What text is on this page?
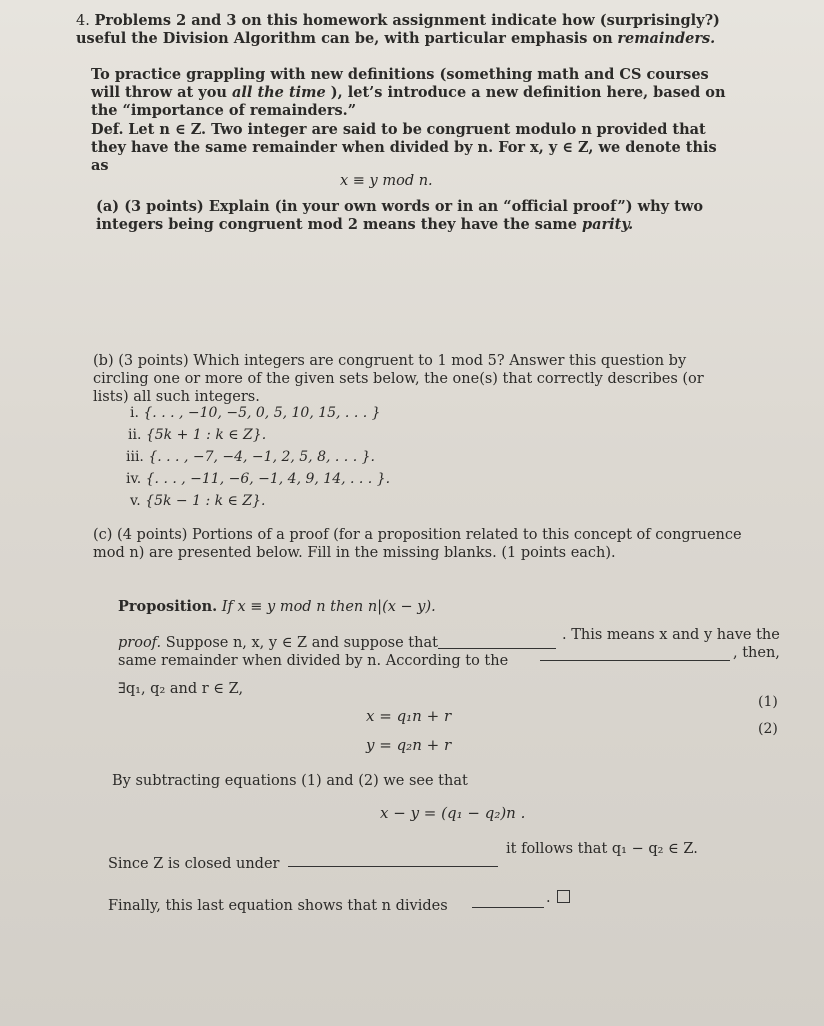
4. Problems 2 and 3 on this homework assignment indicate how (surprisingly?) useful the Division Algorithm can be, with particular emphasis on remainders.
To practice grappling with new definitions (something math and CS courses will throw at you all the time ), let’s introduce a new definition here, based on the “importance of remainders.”
Def. Let n ∈ Z. Two integer are said to be congruent modulo n provided that they have the same remainder when divided by n. For x, y ∈ Z, we denote this as
x ≡ y mod n.
(a) (3 points) Explain (in your own words or in an “official proof”) why two integers being congruent mod 2 means they have the same parity.
(b) (3 points) Which integers are congruent to 1 mod 5? Answer this question by circling one or more of the given sets below, the one(s) that correctly describes (or lists) all such integers.
i. {. . . , −10, −5, 0, 5, 10, 15, . . . }
ii. {5k + 1 : k ∈ Z}.
iii. {. . . , −7, −4, −1, 2, 5, 8, . . . }.
iv. {. . . , −11, −6, −1, 4, 9, 14, . . . }.
v. {5k − 1 : k ∈ Z}.
(c) (4 points) Portions of a proof (for a proposition related to this concept of congruence mod n) are presented below. Fill in the missing blanks. (1 points each).
Proposition. If x ≡ y mod n then n|(x − y).
proof. Suppose n, x, y ∈ Z and suppose that	. This means x and y have the
same remainder when divided by n. According to the	, then,
∃q₁, q₂ and r ∈ Z,
x = q₁n + r
y = q₂n + r
(1)
(2)
By subtracting equations (1) and (2) we see that
x − y = (q₁ − q₂)n .
Since Z is closed under
it follows that q₁ − q₂ ∈ Z.
Finally, this last equation shows that n divides	.
